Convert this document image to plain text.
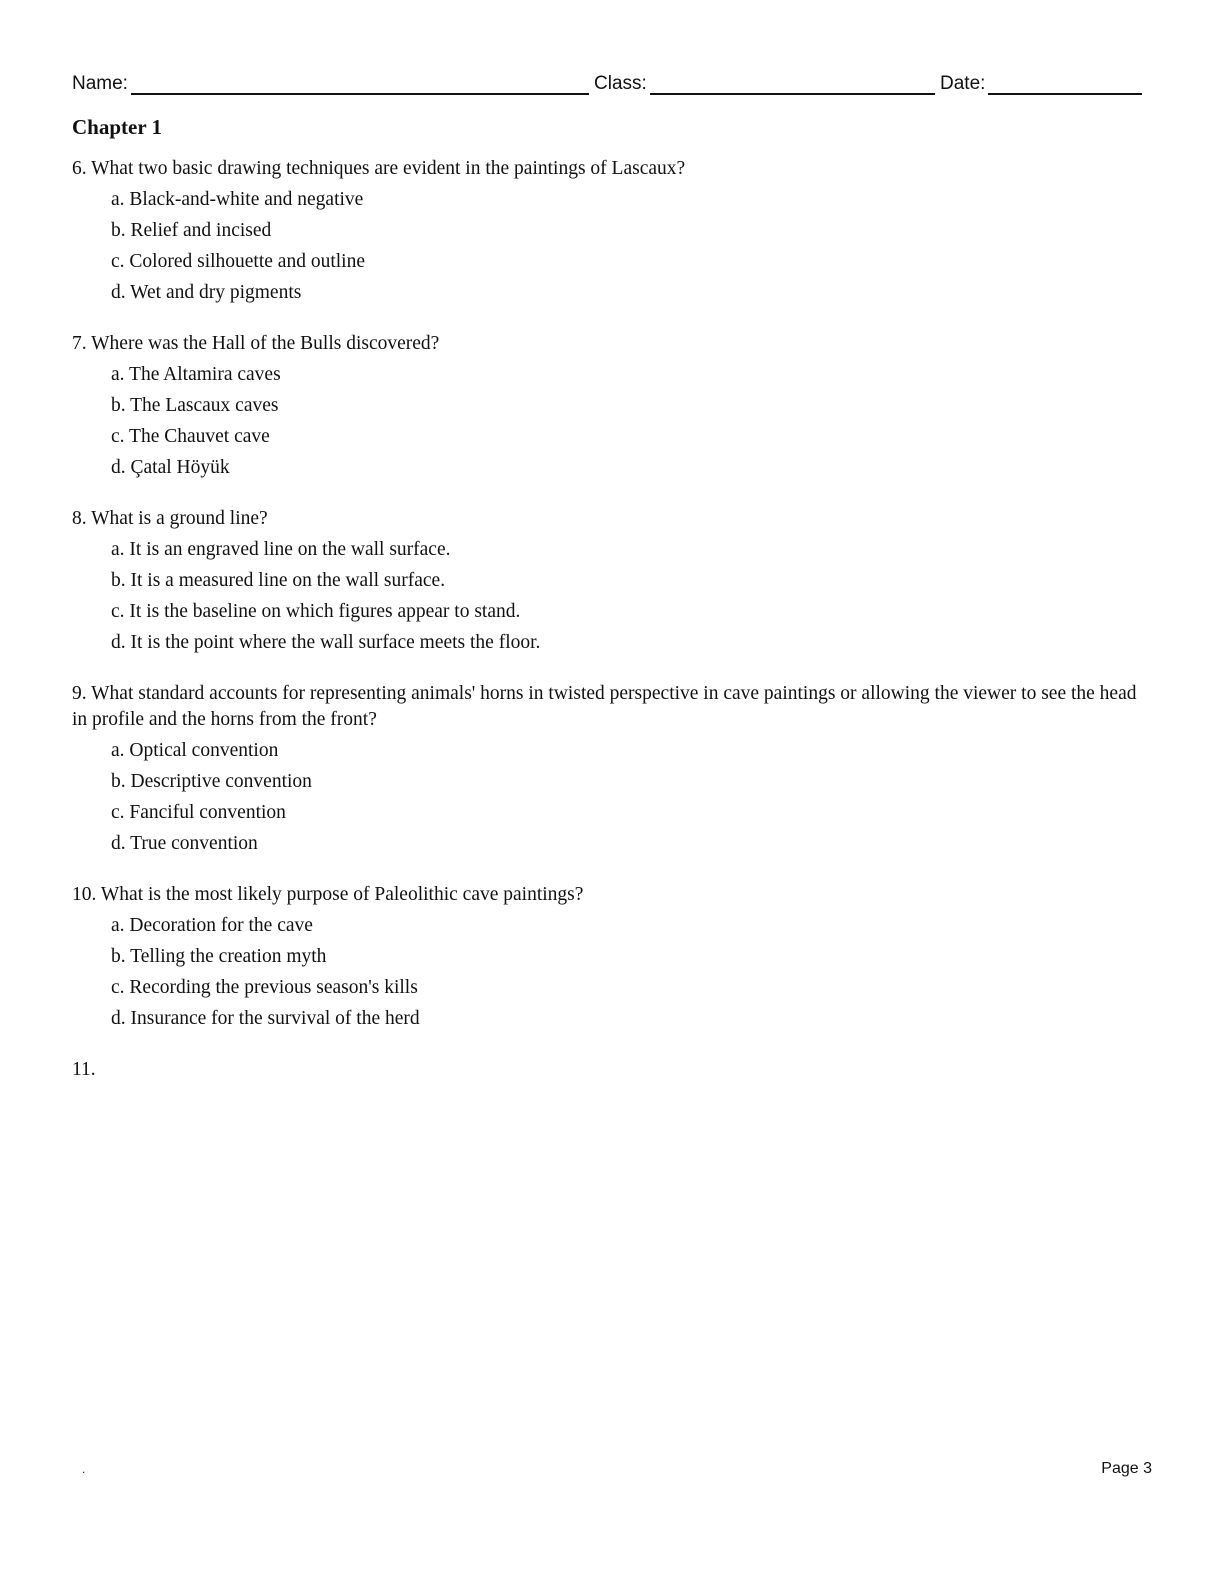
Name:	Class:	Date:
Chapter 1
6. What two basic drawing techniques are evident in the paintings of Lascaux?
a. Black-and-white and negative
b. Relief and incised
c. Colored silhouette and outline
d. Wet and dry pigments
7. Where was the Hall of the Bulls discovered?
a. The Altamira caves
b. The Lascaux caves
c. The Chauvet cave
d. Çatal Höyük
8. What is a ground line?
a. It is an engraved line on the wall surface.
b. It is a measured line on the wall surface.
c. It is the baseline on which figures appear to stand.
d. It is the point where the wall surface meets the floor.
9. What standard accounts for representing animals' horns in twisted perspective in cave paintings or allowing the viewer to see the head in profile and the horns from the front?
a. Optical convention
b. Descriptive convention
c. Fanciful convention
d. True convention
10. What is the most likely purpose of Paleolithic cave paintings?
a. Decoration for the cave
b. Telling the creation myth
c. Recording the previous season's kills
d. Insurance for the survival of the herd
11.
.	Page 3
